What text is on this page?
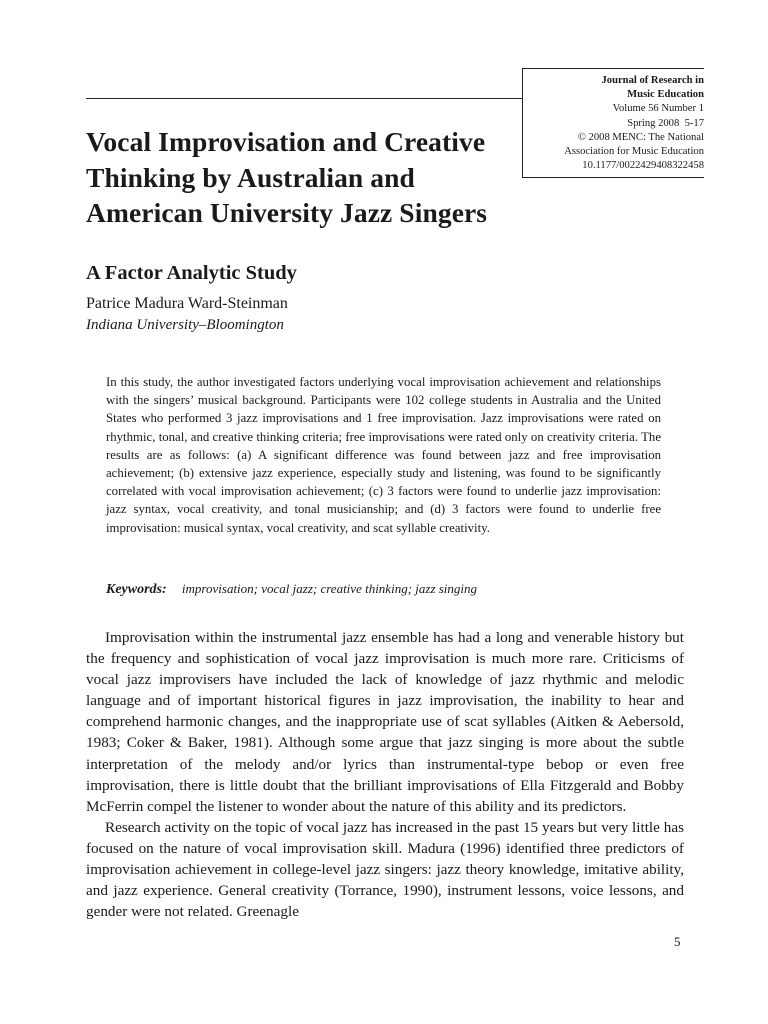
Journal of Research in
Music Education
Volume 56 Number 1
Spring 2008  5-17
© 2008 MENC: The National
Association for Music Education
10.1177/0022429408322458
Vocal Improvisation and Creative Thinking by Australian and American University Jazz Singers
A Factor Analytic Study
Patrice Madura Ward-Steinman
Indiana University–Bloomington

In this study, the author investigated factors underlying vocal improvisation achievement and relationships with the singers’ musical background. Participants were 102 college students in Australia and the United States who performed 3 jazz improvisations and 1 free improvisation. Jazz improvisations were rated on rhythmic, tonal, and creative thinking criteria; free improvisations were rated only on creativity criteria. The results are as follows: (a) A significant difference was found between jazz and free improvisation achievement; (b) extensive jazz experience, especially study and listening, was found to be significantly correlated with vocal improvisation achievement; (c) 3 factors were found to underlie jazz improvisation: jazz syntax, vocal creativity, and tonal musicianship; and (d) 3 factors were found to underlie free improvisation: musical syntax, vocal creativity, and scat syllable creativity.

Keywords: improvisation; vocal jazz; creative thinking; jazz singing

Improvisation within the instrumental jazz ensemble has had a long and venerable history but the frequency and sophistication of vocal jazz improvisation is much more rare. Criticisms of vocal jazz improvisers have included the lack of knowledge of jazz rhythmic and melodic language and of important historical figures in jazz improvisation, the inability to hear and comprehend harmonic changes, and the inappropriate use of scat syllables (Aitken & Aebersold, 1983; Coker & Baker, 1981). Although some argue that jazz singing is more about the subtle interpretation of the melody and/or lyrics than instrumental-type bebop or even free improvisation, there is little doubt that the brilliant improvisations of Ella Fitzgerald and Bobby McFerrin compel the listener to wonder about the nature of this ability and its predictors.

Research activity on the topic of vocal jazz has increased in the past 15 years but very little has focused on the nature of vocal improvisation skill. Madura (1996) identified three predictors of improvisation achievement in college-level jazz singers: jazz theory knowledge, imitative ability, and jazz experience. General creativity (Torrance, 1990), instrument lessons, voice lessons, and gender were not related. Greenagle

5
